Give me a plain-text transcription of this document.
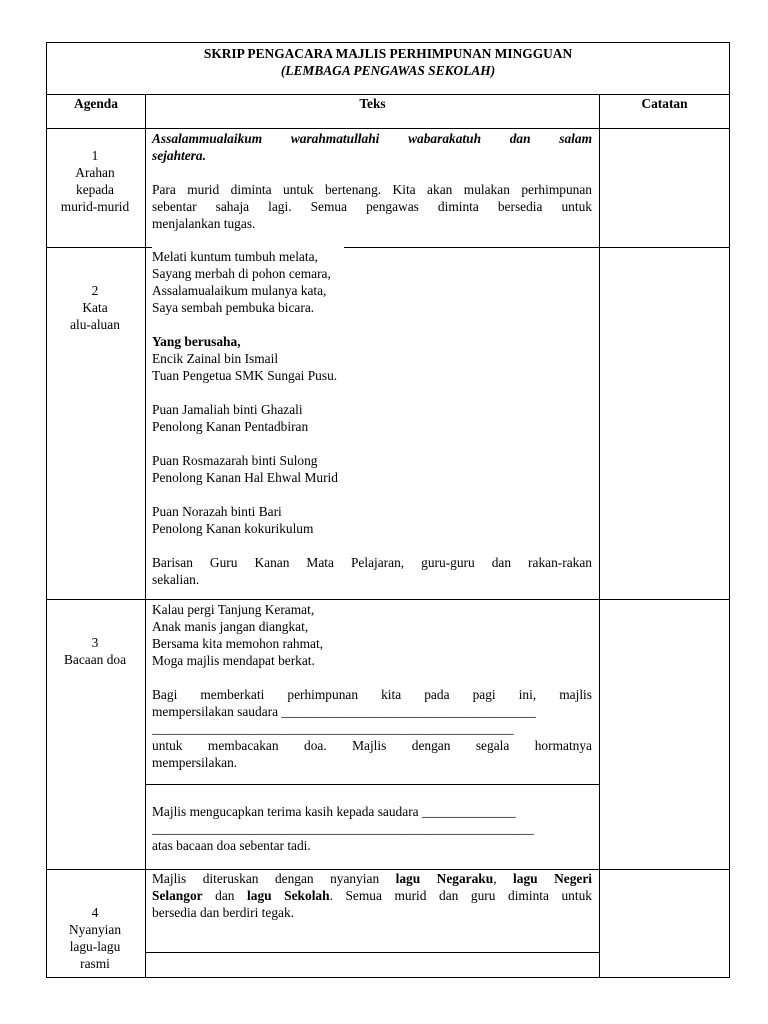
SKRIP PENGACARA MAJLIS PERHIMPUNAN MINGGUAN
(LEMBAGA PENGAWAS SEKOLAH)
Agenda	Teks	Catatan
1
Arahan
kepada
murid-murid
Assalammualaikum warahmatullahi wabarakatuh dan salam
sejahtera.
Para murid diminta untuk bertenang. Kita akan mulakan perhimpunan
sebentar sahaja lagi. Semua pengawas diminta bersedia untuk
menjalankan tugas.
2
Kata
alu-aluan
Melati kuntum tumbuh melata,
Sayang merbah di pohon cemara,
Assalamualaikum mulanya kata,
Saya sembah pembuka bicara.
Yang berusaha,
Encik Zainal bin Ismail
Tuan Pengetua SMK Sungai Pusu.
Puan Jamaliah binti Ghazali
Penolong Kanan Pentadbiran
Puan Rosmazarah binti Sulong
Penolong Kanan Hal Ehwal Murid
Puan Norazah binti Bari
Penolong Kanan kokurikulum
Barisan Guru Kanan Mata Pelajaran, guru-guru dan rakan-rakan
sekalian.
3
Bacaan doa
Kalau pergi Tanjung Keramat,
Anak manis jangan diangkat,
Bersama kita memohon rahmat,
Moga majlis mendapat berkat.
Bagi memberkati perhimpunan kita pada pagi ini, majlis
mempersilakan saudara ______________________________________
______________________________________________________
untuk membacakan doa. Majlis dengan segala hormatnya
mempersilakan.
Majlis mengucapkan terima kasih kepada saudara ______________
_________________________________________________________
atas bacaan doa sebentar tadi.
4
Nyanyian
lagu-lagu
rasmi
Majlis diteruskan dengan nyanyian lagu Negaraku, lagu Negeri
Selangor dan lagu Sekolah. Semua murid dan guru diminta untuk
bersedia dan berdiri tegak.
